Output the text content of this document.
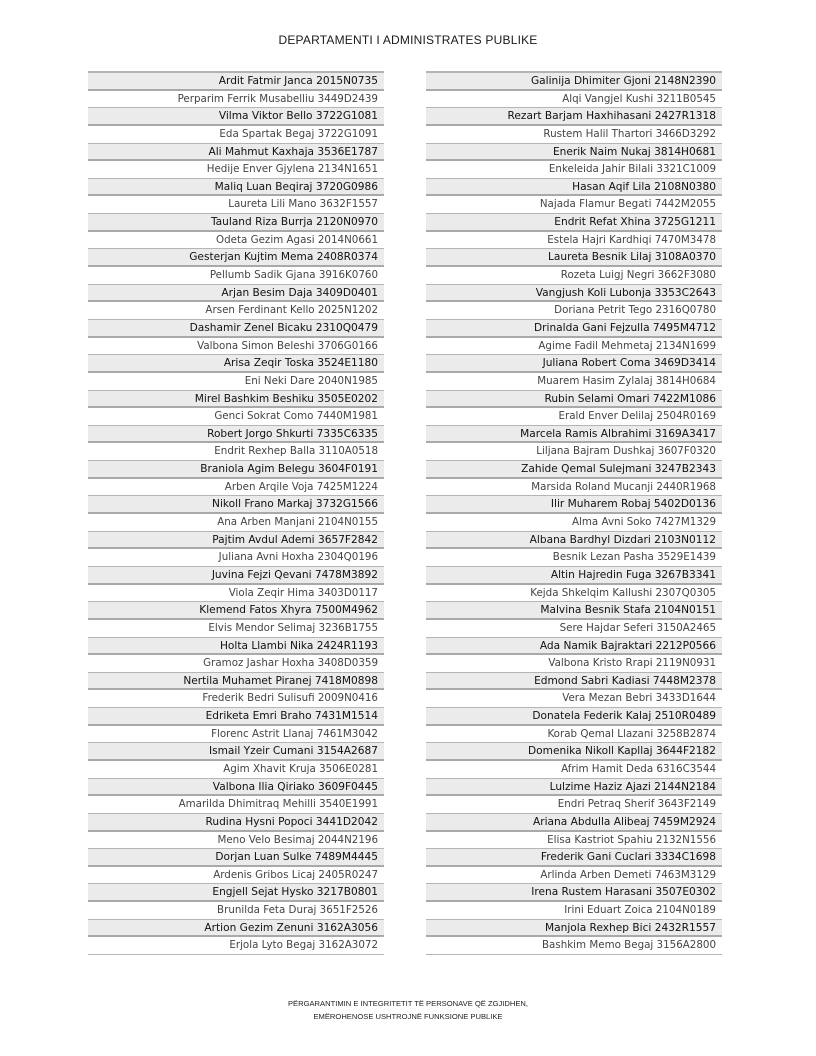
DEPARTAMENTI I ADMINISTRATES PUBLIKE
Ardit Fatmir Janca 2015N0735
Perparim Ferrik Musabelliu 3449D2439
Vilma Viktor Bello 3722G1081
Eda Spartak Begaj 3722G1091
Ali Mahmut Kaxhaja 3536E1787
Hedije Enver Gjylena 2134N1651
Maliq Luan Beqiraj 3720G0986
Laureta Lili Mano 3632F1557
Tauland Riza Burrja 2120N0970
Odeta Gezim Agasi 2014N0661
Gesterjan Kujtim Mema 2408R0374
Pellumb Sadik Gjana 3916K0760
Arjan Besim Daja 3409D0401
Arsen Ferdinant Kello 2025N1202
Dashamir Zenel Bicaku 2310Q0479
Valbona Simon Beleshi 3706G0166
Arisa Zeqir Toska 3524E1180
Eni Neki Dare 2040N1985
Mirel Bashkim Beshiku 3505E0202
Genci Sokrat Como 7440M1981
Robert Jorgo Shkurti 7335C6335
Endrit Rexhep Balla 3110A0518
Braniola Agim Belegu 3604F0191
Arben Arqile Voja 7425M1224
Nikoll Frano Markaj 3732G1566
Ana Arben Manjani 2104N0155
Pajtim Avdul Ademi 3657F2842
Juliana Avni Hoxha 2304Q0196
Juvina Fejzi Qevani 7478M3892
Viola Zeqir Hima 3403D0117
Klemend Fatos Xhyra 7500M4962
Elvis Mendor Selimaj 3236B1755
Holta Llambi Nika 2424R1193
Gramoz Jashar Hoxha 3408D0359
Nertila Muhamet Piranej 7418M0898
Frederik Bedri Sulisufi 2009N0416
Edriketa Emri Braho 7431M1514
Florenc Astrit Llanaj 7461M3042
Ismail Yzeir Cumani 3154A2687
Agim Xhavit Kruja 3506E0281
Valbona Ilia Qiriako 3609F0445
Amarilda Dhimitraq Mehilli 3540E1991
Rudina Hysni Popoci 3441D2042
Meno Velo Besimaj 2044N2196
Dorjan Luan Sulke 7489M4445
Ardenis Gribos Licaj 2405R0247
Engjell Sejat Hysko 3217B0801
Brunilda Feta Duraj 3651F2526
Artion Gezim Zenuni 3162A3056
Erjola Lyto Begaj 3162A3072
Galinija Dhimiter Gjoni 2148N2390
Alqi Vangjel Kushi 3211B0545
Rezart Barjam Haxhihasani 2427R1318
Rustem Halil Thartori 3466D3292
Enerik Naim Nukaj 3814H0681
Enkeleida Jahir Bilali 3321C1009
Hasan Aqif Lila 2108N0380
Najada Flamur Begati 7442M2055
Endrit Refat Xhina 3725G1211
Estela Hajri Kardhiqi 7470M3478
Laureta Besnik Lilaj 3108A0370
Rozeta Luigj Negri 3662F3080
Vangjush Koli Lubonja 3353C2643
Doriana Petrit Tego 2316Q0780
Drinalda Gani Fejzulla 7495M4712
Agime Fadil Mehmetaj 2134N1699
Juliana Robert Coma 3469D3414
Muarem Hasim Zylalaj 3814H0684
Rubin Selami Omari 7422M1086
Erald Enver Delilaj 2504R0169
Marcela Ramis Albrahimi 3169A3417
Liljana Bajram Dushkaj 3607F0320
Zahide Qemal Sulejmani 3247B2343
Marsida Roland Mucanji 2440R1968
Ilir Muharem Robaj 5402D0136
Alma Avni Soko 7427M1329
Albana Bardhyl Dizdari 2103N0112
Besnik Lezan Pasha 3529E1439
Altin Hajredin Fuga 3267B3341
Kejda Shkelqim Kallushi 2307Q0305
Malvina Besnik Stafa 2104N0151
Sere Hajdar Seferi 3150A2465
Ada Namik Bajraktari 2212P0566
Valbona Kristo Rrapi 2119N0931
Edmond Sabri Kadiasi 7448M2378
Vera Mezan Bebri 3433D1644
Donatela Federik Kalaj 2510R0489
Korab Qemal Llazani 3258B2874
Domenika Nikoll Kapllaj 3644F2182
Afrim Hamit Deda 6316C3544
Lulzime Haziz Ajazi 2144N2184
Endri Petraq Sherif 3643F2149
Ariana Abdulla Alibeaj 7459M2924
Elisa Kastriot Spahiu 2132N1556
Frederik Gani Cuclari 3334C1698
Arlinda Arben Demeti 7463M3129
Irena Rustem Harasani 3507E0302
Irini Eduart Zoica 2104N0189
Manjola Rexhep Bici 2432R1557
Bashkim Memo Begaj 3156A2800
PËRGARANTIMIN E INTEGRITETIT TË PERSONAVE QË ZGJIDHEN,
EMËROHENOSE USHTROJNË FUNKSIONE PUBLIKE
